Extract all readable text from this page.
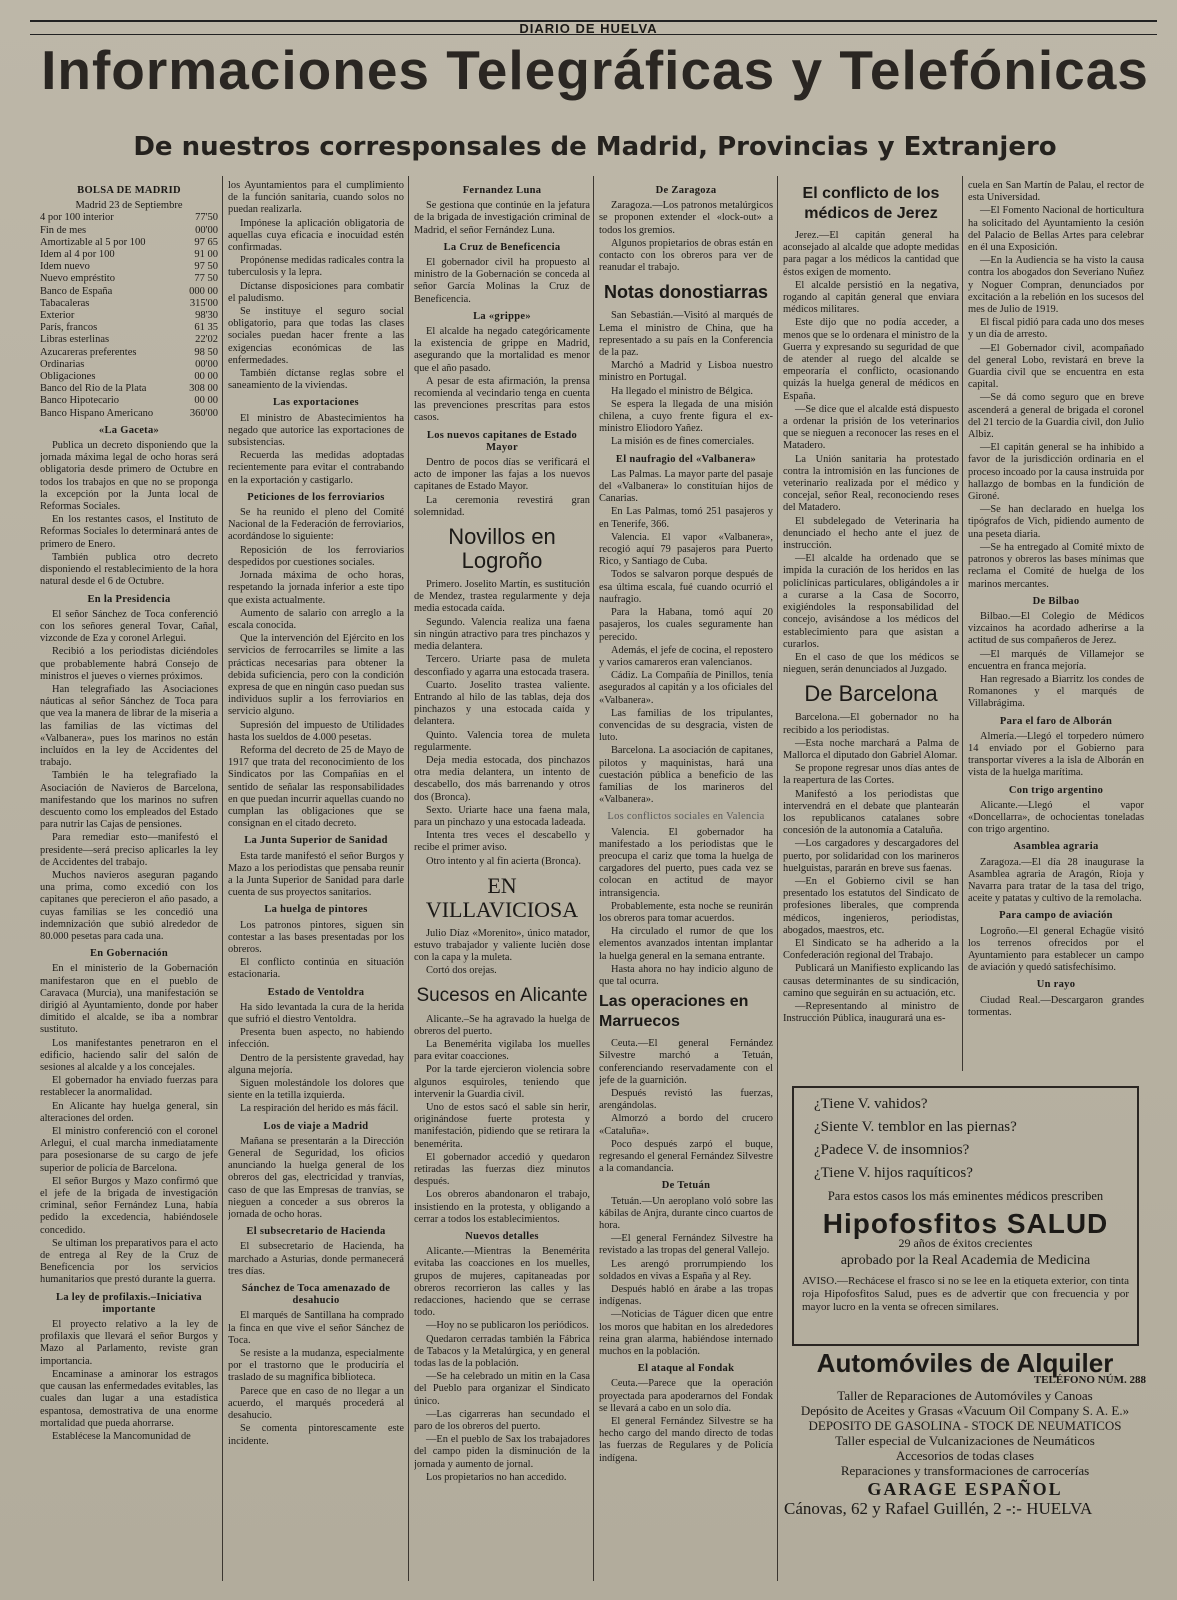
DIARIO DE HUELVA
Informaciones Telegráficas y Telefónicas
De nuestros corresponsales de Madrid, Provincias y Extranjero
BOLSA DE MADRID
Madrid 23 de Septiembre
4 por 100 interior	77'50
Fin de mes	00'00
Amortizable al 5 por 100	97 65
Idem al 4 por 100	91 00
Idem nuevo	97 50
Nuevo empréstito	77 50
Banco de España	000 00
Tabacaleras	315'00
Exterior	98'30
París, francos	61 35
Libras esterlinas	22'02
Azucareras preferentes	98 50
Ordinarias	00'00
Obligaciones	00 00
Banco del Rio de la Plata	308 00
Banco Hipotecario	00 00
Banco Hispano Americano	360'00
«La Gaceta»

Publica un decreto disponiendo que la jornada máxima legal de ocho horas será obligatoria desde primero de Octubre en todos los trabajos en que no se proponga la excepción por la Junta local de Reformas Sociales.

En los restantes casos, el Instituto de Reformas Sociales lo determinará antes de primero de Enero.

También publica otro decreto disponiendo el restablecimiento de la hora natural desde el 6 de Octubre.

En la Presidencia

El señor Sánchez de Toca conferenció con los señores general Tovar, Cañal, vizconde de Eza y coronel Arlegui.

Recibió a los periodistas diciéndoles que probablemente habrá Consejo de ministros el jueves o viernes próximos.

Han telegrafiado las Asociaciones náuticas al señor Sánchez de Toca para que vea la manera de librar de la miseria a las familias de las víctimas del «Valbanera», pues los marinos no están incluídos en la ley de Accidentes del trabajo.

También le ha telegrafiado la Asociación de Navieros de Barcelona, manifestando que los marinos no sufren descuento como los empleados del Estado para nutrir las Cajas de pensiones.

Para remediar esto—manifestó el presidente—será preciso aplicarles la ley de Accidentes del trabajo.

Muchos navieros aseguran pagando una prima, como excedió con los capitanes que perecieron el año pasado, a cuyas familias se les concedió una indemnización que subió alrededor de 80.000 pesetas para cada una.

En Gobernación

En el ministerio de la Gobernación manifestaron que en el pueblo de Caravaca (Murcia), una manifestación se dirigió al Ayuntamiento, donde por haber dimitido el alcalde, se iba a nombrar sustituto.

Los manifestantes penetraron en el edificio, haciendo salir del salón de sesiones al alcalde y a los concejales.

El gobernador ha enviado fuerzas para restablecer la anormalidad.

En Alicante hay huelga general, sin alteraciones del orden.

El ministro conferenció con el coronel Arlegui, el cual marcha inmediatamente para posesionarse de su cargo de jefe superior de policía de Barcelona.

El señor Burgos y Mazo confirmó que el jefe de la brigada de investigación criminal, señor Fernández Luna, había pedido la excedencia, habiéndosele concedido.

Se ultiman los preparativos para el acto de entrega al Rey de la Cruz de Beneficencia por los servicios humanitarios que prestó durante la guerra.

La ley de profilaxis.–Iniciativa importante

El proyecto relativo a la ley de profilaxis que llevará el señor Burgos y Mazo al Parlamento, reviste gran importancia.

Encaminase a aminorar los estragos que causan las enfermedades evitables, las cuales dan lugar a una estadística espantosa, demostrativa de una enorme mortalidad que pueda ahorrarse.

Establécese la Mancomunidad de

los Ayuntamientos para el cumplimiento de la función sanitaria, cuando solos no puedan realizarla.

Impónese la aplicación obligatoria de aquellas cuya eficacia e inocuidad estén confirmadas.

Propónense medidas radicales contra la tuberculosis y la lepra.

Díctanse disposiciones para combatir el paludismo.

Se instituye el seguro social obligatorio, para que todas las clases sociales puedan hacer frente a las exigencias económicas de las enfermedades.

También díctanse reglas sobre el saneamiento de la viviendas.

Las exportaciones

El ministro de Abastecimientos ha negado que autorice las exportaciones de subsistencias.

Recuerda las medidas adoptadas recientemente para evitar el contrabando en la exportación y castigarlo.

Peticiones de los ferroviarios

Se ha reunido el pleno del Comité Nacional de la Federación de ferroviarios, acordándose lo siguiente:

Reposición de los ferroviarios despedidos por cuestiones sociales.

Jornada máxima de ocho horas, respetando la jornada inferior a este tipo que exista actualmente.

Aumento de salario con arreglo a la escala conocida.

Que la intervención del Ejército en los servicios de ferrocarriles se limite a las prácticas necesarias para obtener la debida suficiencia, pero con la condición expresa de que en ningún caso puedan sus individuos suplir a los ferroviarios en servicio alguno.

Supresión del impuesto de Utilidades hasta los sueldos de 4.000 pesetas.

Reforma del decreto de 25 de Mayo de 1917 que trata del reconocimiento de los Sindicatos por las Compañías en el sentido de señalar las responsabilidades en que puedan incurrir aquellas cuando no cumplan las obligaciones que se consignan en el citado decreto.

La Junta Superior de Sanidad

Esta tarde manifestó el señor Burgos y Mazo a los periodistas que pensaba reunir a la Junta Superior de Sanidad para darle cuenta de sus proyectos sanitarios.

La huelga de pintores

Los patronos pintores, siguen sin contestar a las bases presentadas por los obreros.

El conflicto continúa en situación estacionaria.

Estado de Ventoldra

Ha sido levantada la cura de la herida que sufrió el diestro Ventoldra.

Presenta buen aspecto, no habiendo infección.

Dentro de la persistente gravedad, hay alguna mejoría.

Siguen molestándole los dolores que siente en la tetilla izquierda.

La respiración del herido es más fácil.

Los de viaje a Madrid

Mañana se presentarán a la Dirección General de Seguridad, los oficios anunciando la huelga general de los obreros del gas, electricidad y tranvías, caso de que las Empresas de tranvías, se nieguen a conceder a sus obreros la jornada de ocho horas.

El subsecretario de Hacienda

El subsecretario de Hacienda, ha marchado a Asturias, donde permanecerá tres días.

Sánchez de Toca amenazado de desahucio

El marqués de Santillana ha comprado la finca en que vive el señor Sánchez de Toca.

Se resiste a la mudanza, especialmente por el trastorno que le produciría el traslado de su magnífica biblioteca.

Parece que en caso de no llegar a un acuerdo, el marqués procederá al desahucio.

Se comenta pintorescamente este incidente.

Fernandez Luna

Se gestiona que continúe en la jefatura de la brigada de investigación criminal de Madrid, el señor Fernández Luna.

La Cruz de Beneficencia

El gobernador civil ha propuesto al ministro de la Gobernación se conceda al señor García Molinas la Cruz de Beneficencia.

La «grippe»

El alcalde ha negado categóricamente la existencia de grippe en Madrid, asegurando que la mortalidad es menor que el año pasado.

A pesar de esta afirmación, la prensa recomienda al vecindario tenga en cuenta las prevenciones prescritas para estos casos.

Los nuevos capitanes de Estado Mayor

Dentro de pocos días se verificará el acto de imponer las fajas a los nuevos capitanes de Estado Mayor.

La ceremonia revestirá gran solemnidad.

Novillos en Logroño

Primero. Joselito Martín, es sustitución de Mendez, trastea regularmente y deja media estocada caída.

Segundo. Valencia realiza una faena sin ningún atractivo para tres pinchazos y media delantera.

Tercero. Uriarte pasa de muleta desconfiado y agarra una estocada trasera.

Cuarto. Joselito trastea valiente. Entrando al hilo de las tablas, deja dos pinchazos y una estocada caída y delantera.

Quinto. Valencia torea de muleta regularmente.

Deja media estocada, dos pinchazos otra media delantera, un intento de descabello, dos más barrenando y otros dos (Bronca).

Sexto. Uriarte hace una faena mala, para un pinchazo y una estocada ladeada.

Intenta tres veces el descabello y recibe el primer aviso.

Otro intento y al fin acierta (Bronca).

EN VILLAVICIOSA

Julio Díaz «Morenito», único matador, estuvo trabajador y valiente lucièn dose con la capa y la muleta.

Cortó dos orejas.

Sucesos en Alicante

Alicante.–Se ha agravado la huelga de obreros del puerto.

La Benemérita vigilaba los muelles para evitar coacciones.

Por la tarde ejercieron violencia sobre algunos esquiroles, teniendo que intervenir la Guardia civil.

Uno de estos sacó el sable sin herir, originándose fuerte protesta y manifestación, pidiendo que se retirara la benemérita.

El gobernador accedió y quedaron retiradas las fuerzas diez minutos después.

Los obreros abandonaron el trabajo, insistiendo en la protesta, y obligando a cerrar a todos los establecimientos.

Nuevos detalles

Alicante.—Mientras la Benemérita evitaba las coacciones en los muelles, grupos de mujeres, capitaneadas por obreros recorrieron las calles y las redacciones, haciendo que se cerrase todo.

—Hoy no se publicaron los periódicos.

Quedaron cerradas también la Fábrica de Tabacos y la Metalúrgica, y en general todas las de la población.

—Se ha celebrado un mitin en la Casa del Pueblo para organizar el Sindicato único.

—Las cigarreras han secundado el paro de los obreros del puerto.

—En el pueblo de Sax los trabajadores del campo piden la disminución de la jornada y aumento de jornal.

Los propietarios no han accedido.

De Zaragoza

Zaragoza.—Los patronos metalúrgicos se proponen extender el «lock-out» a todos los gremios.

Algunos propietarios de obras están en contacto con los obreros para ver de reanudar el trabajo.

Notas donostiarras

San Sebastián.—Visitó al marqués de Lema el ministro de China, que ha representado a su país en la Conferencia de la paz.

Marchó a Madrid y Lisboa nuestro ministro en Portugal.

Ha llegado el ministro de Bélgica.

Se espera la llegada de una misión chilena, a cuyo frente figura el ex-ministro Eliodoro Yañez.

La misión es de fines comerciales.

El naufragio del «Valbanera»

Las Palmas. La mayor parte del pasaje del «Valbanera» lo constituían hijos de Canarias.

En Las Palmas, tomó 251 pasajeros y en Tenerife, 366.

Valencia. El vapor «Valbanera», recogió aquí 79 pasajeros para Puerto Rico, y Santiago de Cuba.

Todos se salvaron porque después de esa última escala, fué cuando ocurrió el naufragio.

Para la Habana, tomó aquí 20 pasajeros, los cuales seguramente han perecido.

Además, el jefe de cocina, el repostero y varios camareros eran valencianos.

Cádiz. La Compañía de Pinillos, tenía asegurados al capitán y a los oficiales del «Valbanera».

Las familias de los tripulantes, convencidas de su desgracia, visten de luto.

Barcelona. La asociación de capitanes, pilotos y maquinistas, hará una cuestación pública a beneficio de las familias de los marineros del «Valbanera».

Los conflictos sociales en Valencia

Valencia. El gobernador ha manifestado a los periodistas que le preocupa el cariz que toma la huelga de cargadores del puerto, pues cada vez se colocan en actitud de mayor intransigencia.

Probablemente, esta noche se reunirán los obreros para tomar acuerdos.

Ha circulado el rumor de que los elementos avanzados intentan implantar la huelga general en la semana entrante.

Hasta ahora no hay indicio alguno de que tal ocurra.

Las operaciones en Marruecos

Ceuta.—El general Fernández Silvestre marchó a Tetuán, conferenciando reservadamente con el jefe de la guarnición.

Después revistó las fuerzas, arengándolas.

Almorzó a bordo del crucero «Cataluña».

Poco después zarpó el buque, regresando el general Fernández Silvestre a la comandancia.

De Tetuán

Tetuán.—Un aeroplano voló sobre las kábilas de Anjra, durante cinco cuartos de hora.

—El general Fernández Silvestre ha revistado a las tropas del general Vallejo.

Les arengó prorrumpiendo los soldados en vivas a España y al Rey.

Después habló en árabe a las tropas indígenas.

—Noticias de Táguer dicen que entre los moros que habitan en los alrededores reina gran alarma, habiéndose internado muchos en la población.

El ataque al Fondak

Ceuta.—Parece que la operación proyectada para apoderarnos del Fondak se llevará a cabo en un solo día.

El general Fernández Silvestre se ha hecho cargo del mando directo de todas las fuerzas de Regulares y de Policía indígena.

El conflicto de los médicos de Jerez

Jerez.—El capitán general ha aconsejado al alcalde que adopte medidas para pagar a los médicos la cantidad que éstos exigen de momento.

El alcalde persistió en la negativa, rogando al capitán general que enviara médicos militares.

Este dijo que no podía acceder, a menos que se lo ordenara el ministro de la Guerra y expresando su seguridad de que de atender al ruego del alcalde se empeoraría el conflicto, ocasionando quizás la huelga general de médicos en España.

—Se dice que el alcalde está dispuesto a ordenar la prisión de los veterinarios que se nieguen a reconocer las reses en el Matadero.

La Unión sanitaria ha protestado contra la intromisión en las funciones de veterinario realizada por el médico y concejal, señor Real, reconociendo reses del Matadero.

El subdelegado de Veterinaria ha denunciado el hecho ante el juez de instrucción.

—El alcalde ha ordenado que se impida la curación de los heridos en las policlínicas particulares, obligándoles a ir a curarse a la Casa de Socorro, exigiéndoles la responsabilidad del concejo, avisándose a los médicos del establecimiento para que asistan a curarlos.

En el caso de que los médicos se nieguen, serán denunciados al Juzgado.

De Barcelona

Barcelona.—El gobernador no ha recibido a los periodistas.

—Esta noche marchará a Palma de Mallorca el diputado don Gabriel Alomar.

Se propone regresar unos días antes de la reapertura de las Cortes.

Manifestó a los periodistas que intervendrá en el debate que plantearán los republicanos catalanes sobre concesión de la autonomía a Cataluña.

—Los cargadores y descargadores del puerto, por solidaridad con los marineros huelguistas, pararán en breve sus faenas.

—En el Gobierno civil se han presentado los estatutos del Sindicato de profesiones liberales, que comprenda médicos, ingenieros, periodistas, abogados, maestros, etc.

El Sindicato se ha adherido a la Confederación regional del Trabajo.

Publicará un Manifiesto explicando las causas determinantes de su sindicación, camino que seguirán en su actuación, etc.

—Representando al ministro de Instrucción Pública, inaugurará una es-

cuela en San Martín de Palau, el rector de esta Universidad.

—El Fomento Nacional de horticultura ha solicitado del Ayuntamiento la cesión del Palacio de Bellas Artes para celebrar en él una Exposición.

—En la Audiencia se ha visto la causa contra los abogados don Severiano Nuñez y Noguer Compran, denunciados por excitación a la rebelión en los sucesos del mes de Julio de 1919.

El fiscal pidió para cada uno dos meses y un día de arresto.

—El Gobernador civil, acompañado del general Lobo, revistará en breve la Guardia civil que se encuentra en esta capital.

—Se dá como seguro que en breve ascenderá a general de brigada el coronel del 21 tercio de la Guardia civil, don Julio Albiz.

—El capitán general se ha inhibido a favor de la jurisdicción ordinaria en el proceso incoado por la causa instruida por hallazgo de bombas en la fundición de Gironé.

—Se han declarado en huelga los tipógrafos de Vich, pidiendo aumento de una peseta diaria.

—Se ha entregado al Comité mixto de patronos y obreros las bases mínimas que reclama el Comité de huelga de los marinos mercantes.

De Bilbao

Bilbao.—El Colegio de Médicos vizcainos ha acordado adherirse a la actitud de sus compañeros de Jerez.

—El marqués de Villamejor se encuentra en franca mejoría.

Han regresado a Biarritz los condes de Romanones y el marqués de Villabrágima.

Para el faro de Alborán

Almería.—Llegó el torpedero número 14 enviado por el Gobierno para transportar víveres a la isla de Alborán en vista de la huelga marítima.

Con trigo argentino

Alicante.—Llegó el vapor «Doncellarra», de ochocientas toneladas con trigo argentino.

Asamblea agraria

Zaragoza.—El día 28 inaugurase la Asamblea agraria de Aragón, Rioja y Navarra para tratar de la tasa del trigo, aceite y patatas y cultivo de la remolacha.

Para campo de aviación

Logroño.—El general Echagüe visitó los terrenos ofrecidos por el Ayuntamiento para establecer un campo de aviación y quedó satisfechísimo.

Un rayo

Ciudad Real.—Descargaron grandes tormentas.

¿Tiene V. vahidos?
¿Siente V. temblor en las piernas?
¿Padece V. de insomnios?
¿Tiene V. hijos raquíticos?
Para estos casos los más eminentes médicos prescriben
Hipofosfitos SALUD
29 años de éxitos crecientes
aprobado por la Real Academia de Medicina
AVISO.—Rechácese el frasco si no se lee en la etiqueta exterior, con tinta roja Hipofosfitos Salud, pues es de advertir que con frecuencia y por mayor lucro en la venta se ofrecen similares.
Automóviles de Alquiler
TELÉFONO NÚM. 288
Taller de Reparaciones de Automóviles y Canoas
Depósito de Aceites y Grasas «Vacuum Oil Company S. A. E.»
DEPOSITO DE GASOLINA - STOCK DE NEUMATICOS
Taller especial de Vulcanizaciones de Neumáticos
Accesorios de todas clases
Reparaciones y transformaciones de carrocerías
GARAGE ESPAÑOL
Cánovas, 62 y Rafael Guillén, 2 -:- HUELVA
